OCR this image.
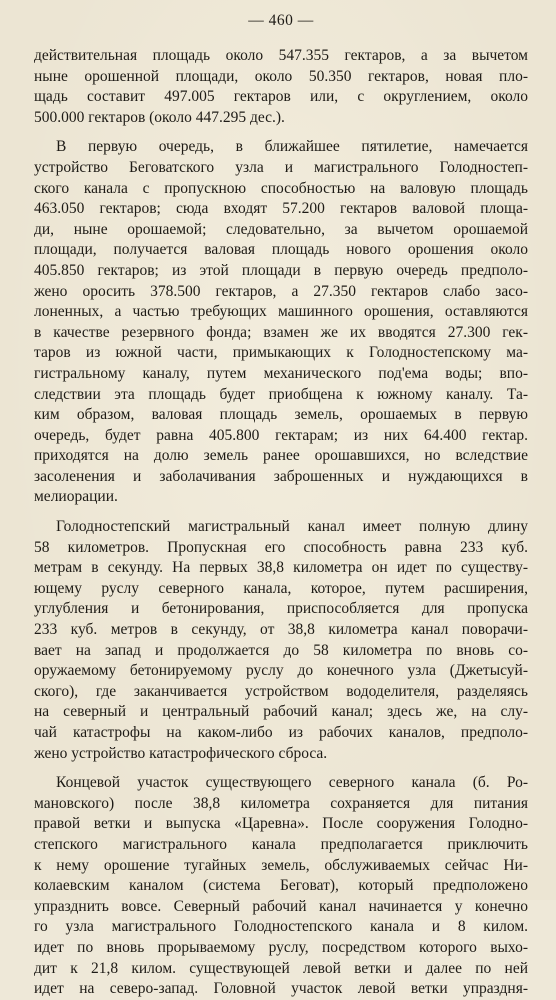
— 460 —

действительная площадь около 547.355 гектаров, а за вычетом
ныне орошенной площади, около 50.350 гектаров, новая пло-
щадь составит 497.005 гектаров или, с округлением, около
500.000 гектаров (около 447.295 дес.).

В первую очередь, в ближайшее пятилетие, намечается
устройство Беговатского узла и магистрального Голодностеп-
ского канала с пропускною способностью на валовую площадь
463.050 гектаров; сюда входят 57.200 гектаров валовой площа-
ди, ныне орошаемой; следовательно, за вычетом орошаемой
площади, получается валовая площадь нового орошения около
405.850 гектаров; из этой площади в первую очередь предполо-
жено оросить 378.500 гектаров, а 27.350 гектаров слабо засо-
лоненных, а частью требующих машинного орошения, оставляются
в качестве резервного фонда; взамен же их вводятся 27.300 гек-
таров из южной части, примыкающих к Голодностепскому ма-
гистральному каналу, путем механического под'ема воды; впо-
следствии эта площадь будет приобщена к южному каналу. Та-
ким образом, валовая площадь земель, орошаемых в первую
очередь, будет равна 405.800 гектарам; из них 64.400 гектар.
приходятся на долю земель ранее орошавшихся, но вследствие
засоленения и заболачивания заброшенных и нуждающихся в
мелиорации.

Голодностепский магистральный канал имеет полную длину
58 километров. Пропускная его способность равна 233 куб.
метрам в секунду. На первых 38,8 километра он идет по существу-
ющему руслу северного канала, которое, путем расширения,
углубления и бетонирования, приспособляется для пропуска
233 куб. метров в секунду, от 38,8 километра канал поворачи-
вает на запад и продолжается до 58 километра по вновь со-
оружаемому бетонируемому руслу до конечного узла (Джетысуй-
ского), где заканчивается устройством вододелителя, разделяясь
на северный и центральный рабочий канал; здесь же, на слу-
чай катастрофы на каком-либо из рабочих каналов, предполо-
жено устройство катастрофического сброса.

Концевой участок существующего северного канала (б. Ро-
мановского) после 38,8 километра сохраняется для питания
правой ветки и выпуска «Царевна». После сооружения Голодно-
степского магистрального канала предполагается приключить
к нему орошение тугайных земель, обслуживаемых сейчас Ни-
колаевским каналом (система Беговат), который предположено
упразднить вовсе. Северный рабочий канал начинается у конечно
го узла магистрального Голодностепского канала и 8 килом.
идет по вновь прорываемому руслу, посредством которого выхо-
дит к 21,8 килом. существующей левой ветки и далее по ней
идет на северо-запад. Головной участок левой ветки упраздня-
